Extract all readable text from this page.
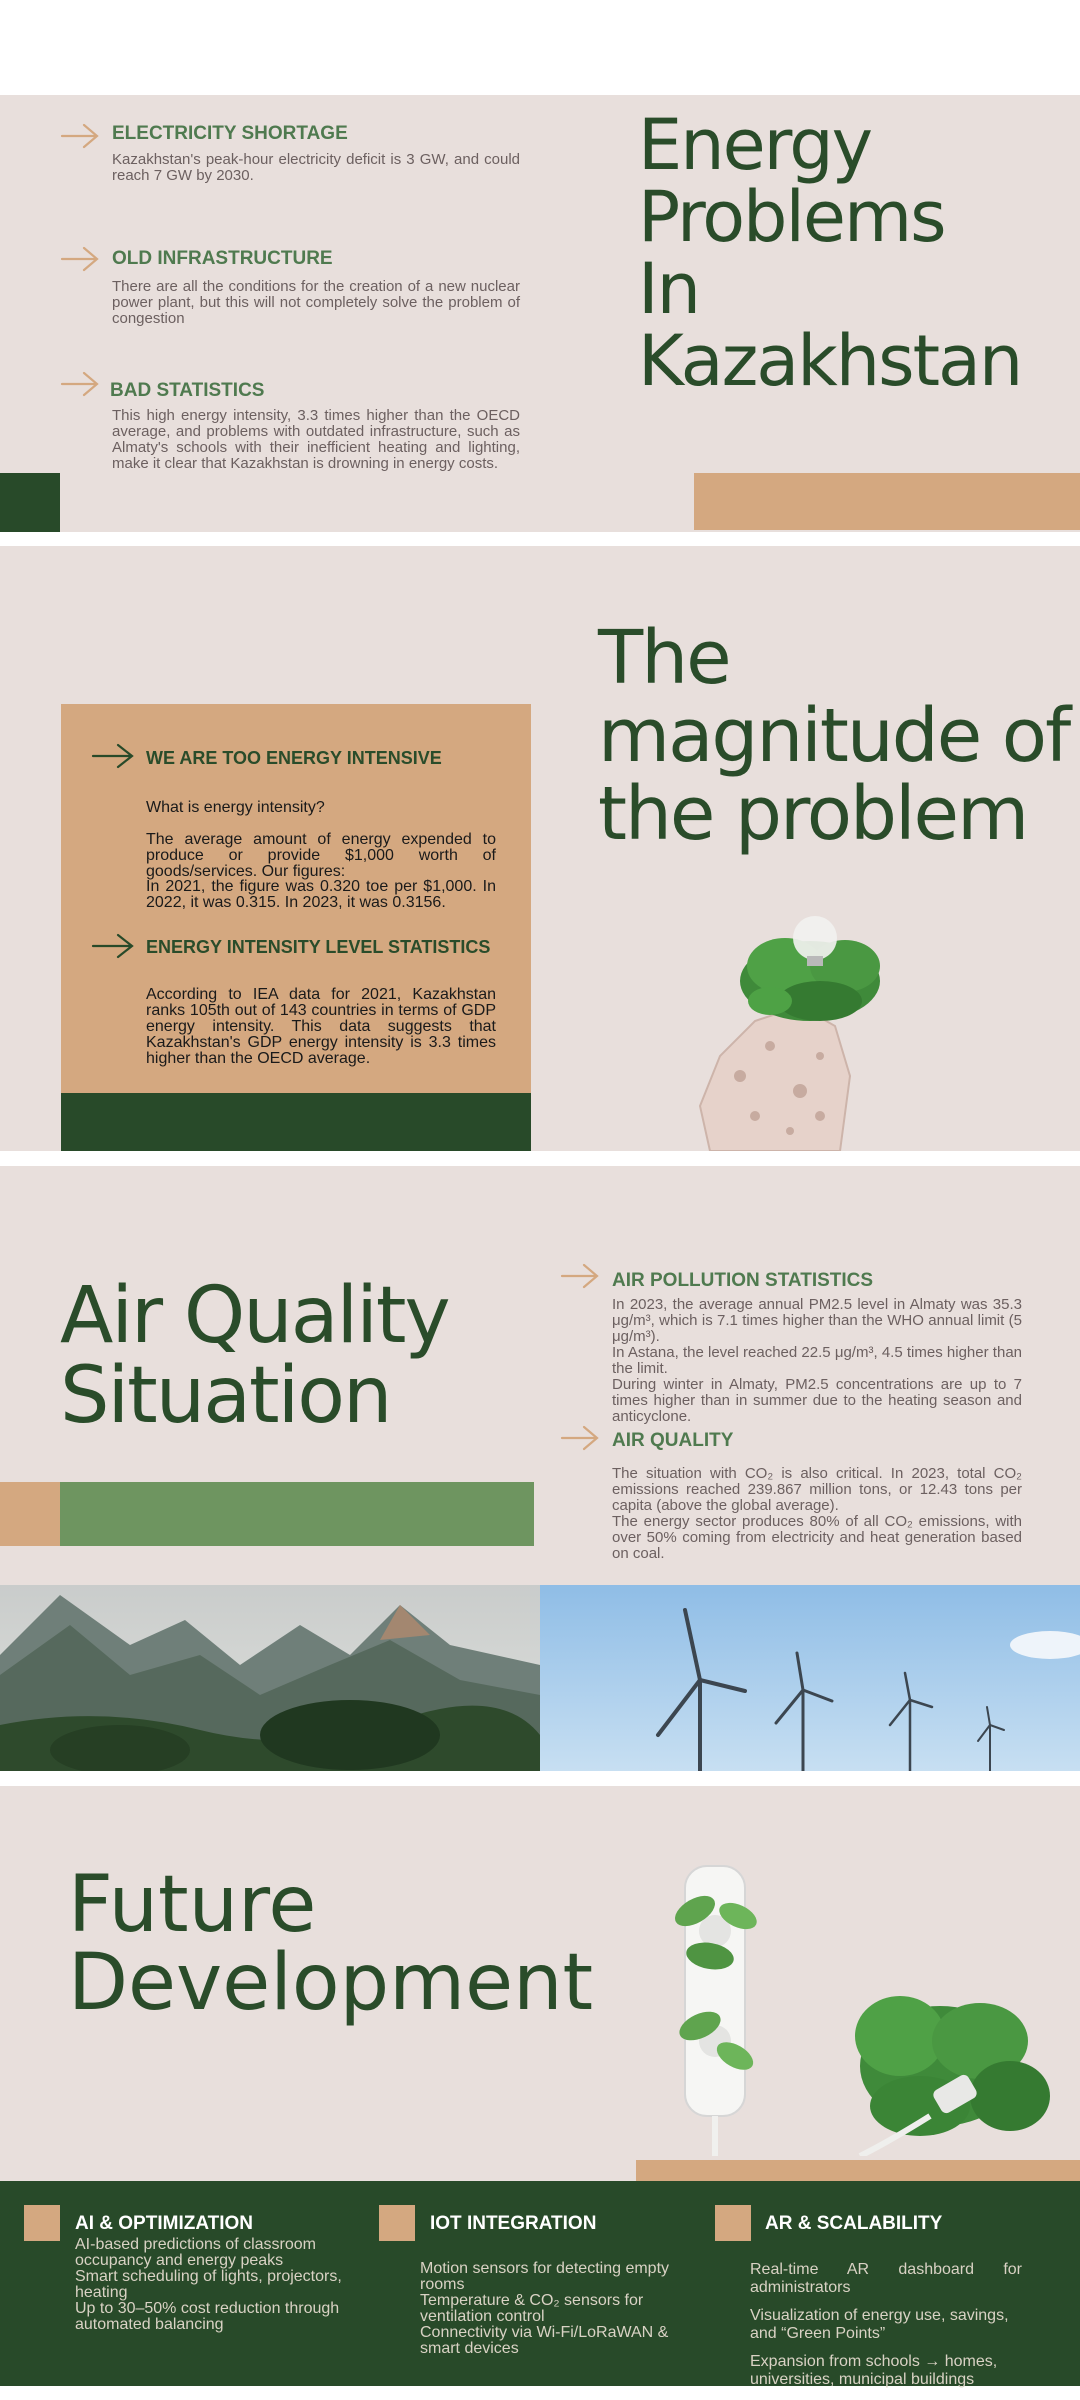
ELECTRICITY SHORTAGE
Kazakhstan's peak-hour electricity deficit is 3 GW, and could reach 7 GW by 2030.
OLD INFRASTRUCTURE
There are all the conditions for the creation of a new nuclear power plant, but this will not completely solve the problem of congestion
BAD STATISTICS
This high energy intensity, 3.3 times higher than the OECD average, and problems with outdated infrastructure, such as Almaty's schools with their inefficient heating and lighting, make it clear that Kazakhstan is drowning in energy costs.
Energy
Problems
In Kazakhstan
The
magnitude of
the problem
WE ARE TOO ENERGY INTENSIVE
What is energy intensity?
The average amount of energy expended to produce or provide $1,000 worth of goods/services. Our figures:
In 2021, the figure was 0.320 toe per $1,000. In 2022, it was 0.315. In 2023, it was 0.3156.
ENERGY INTENSITY LEVEL STATISTICS
According to IEA data for 2021, Kazakhstan ranks 105th out of 143 countries in terms of GDP energy intensity. This data suggests that Kazakhstan's GDP energy intensity is 3.3 times higher than the OECD average.
Air Quality
Situation
AIR POLLUTION STATISTICS
In 2023, the average annual PM2.5 level in Almaty was 35.3 μg/m³, which is 7.1 times higher than the WHO annual limit (5 μg/m³).
In Astana, the level reached 22.5 μg/m³, 4.5 times higher than the limit.
During winter in Almaty, PM2.5 concentrations are up to 7 times higher than in summer due to the heating season and anticyclone.
AIR QUALITY
The situation with CO₂ is also critical. In 2023, total CO₂ emissions reached 239.867 million tons, or 12.43 tons per capita (above the global average).
The energy sector produces 80% of all CO₂ emissions, with over 50% coming from electricity and heat generation based on coal.
Future
Development
AI & OPTIMIZATION
AI-based predictions of classroom occupancy and energy peaks
Smart scheduling of lights, projectors, heating
Up to 30–50% cost reduction through automated balancing
IOT INTEGRATION
Motion sensors for detecting empty rooms
Temperature & CO₂ sensors for ventilation control
Connectivity via Wi-Fi/LoRaWAN & smart devices
AR & SCALABILITY
Real-time AR dashboard for administrators
Visualization of energy use, savings, and “Green Points”
Expansion from schools → homes, universities, municipal buildings
